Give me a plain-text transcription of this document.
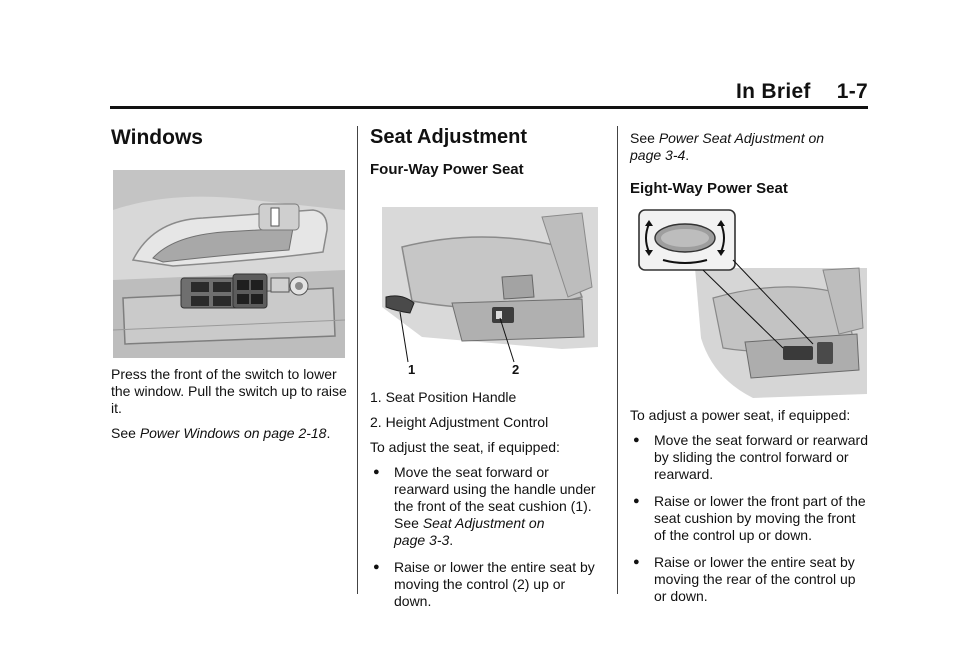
In Brief 1-7
Windows

Press the front of the switch to lower the window. Pull the switch up to raise it.

See Power Windows on page 2-18.

Seat Adjustment
Four-Way Power Seat
1	2

1. Seat Position Handle

2. Height Adjustment Control

To adjust the seat, if equipped:

● Move the seat forward or rearward using the handle under the front of the seat cushion (1). See Seat Adjustment on
page 3-3.
● Raise or lower the entire seat by moving the control (2) up or down.

See Power Seat Adjustment on
page 3-4.

Eight-Way Power Seat

To adjust a power seat, if equipped:

● Move the seat forward or rearward by sliding the control forward or rearward.
● Raise or lower the front part of the seat cushion by moving the front of the control up or down.
● Raise or lower the entire seat by moving the rear of the control up or down.
